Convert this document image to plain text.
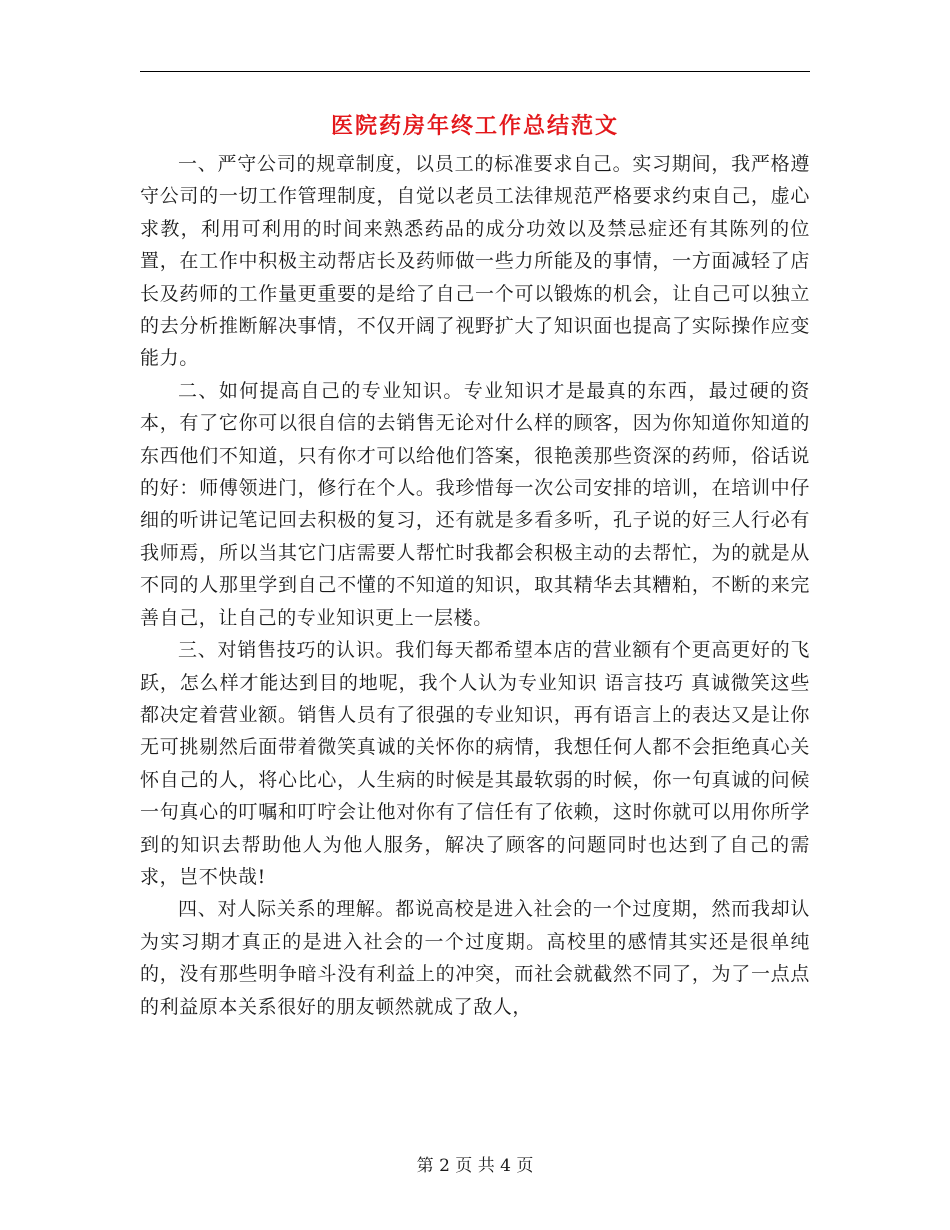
医院药房年终工作总结范文

一、严守公司的规章制度，以员工的标准要求自己。实习期间，我严格遵守公司的一切工作管理制度，自觉以老员工法律规范严格要求约束自己，虚心求教，利用可利用的时间来熟悉药品的成分功效以及禁忌症还有其陈列的位置，在工作中积极主动帮店长及药师做一些力所能及的事情，一方面减轻了店长及药师的工作量更重要的是给了自己一个可以锻炼的机会，让自己可以独立的去分析推断解决事情，不仅开阔了视野扩大了知识面也提高了实际操作应变能力。

二、如何提高自己的专业知识。专业知识才是最真的东西，最过硬的资本，有了它你可以很自信的去销售无论对什么样的顾客，因为你知道你知道的东西他们不知道，只有你才可以给他们答案，很艳羡那些资深的药师，俗话说的好：师傅领进门，修行在个人。我珍惜每一次公司安排的培训，在培训中仔细的听讲记笔记回去积极的复习，还有就是多看多听，孔子说的好三人行必有我师焉，所以当其它门店需要人帮忙时我都会积极主动的去帮忙，为的就是从不同的人那里学到自己不懂的不知道的知识，取其精华去其糟粕，不断的来完善自己，让自己的专业知识更上一层楼。

三、对销售技巧的认识。我们每天都希望本店的营业额有个更高更好的飞跃，怎么样才能达到目的地呢，我个人认为专业知识 语言技巧 真诚微笑这些都决定着营业额。销售人员有了很强的专业知识，再有语言上的表达又是让你无可挑剔然后面带着微笑真诚的关怀你的病情，我想任何人都不会拒绝真心关怀自己的人，将心比心，人生病的时候是其最软弱的时候，你一句真诚的问候一句真心的叮嘱和叮咛会让他对你有了信任有了依赖，这时你就可以用你所学到的知识去帮助他人为他人服务，解决了顾客的问题同时也达到了自己的需求，岂不快哉!

四、对人际关系的理解。都说高校是进入社会的一个过度期，然而我却认为实习期才真正的是进入社会的一个过度期。高校里的感情其实还是很单纯的，没有那些明争暗斗没有利益上的冲突，而社会就截然不同了，为了一点点的利益原本关系很好的朋友顿然就成了敌人，

第 2 页 共 4 页
